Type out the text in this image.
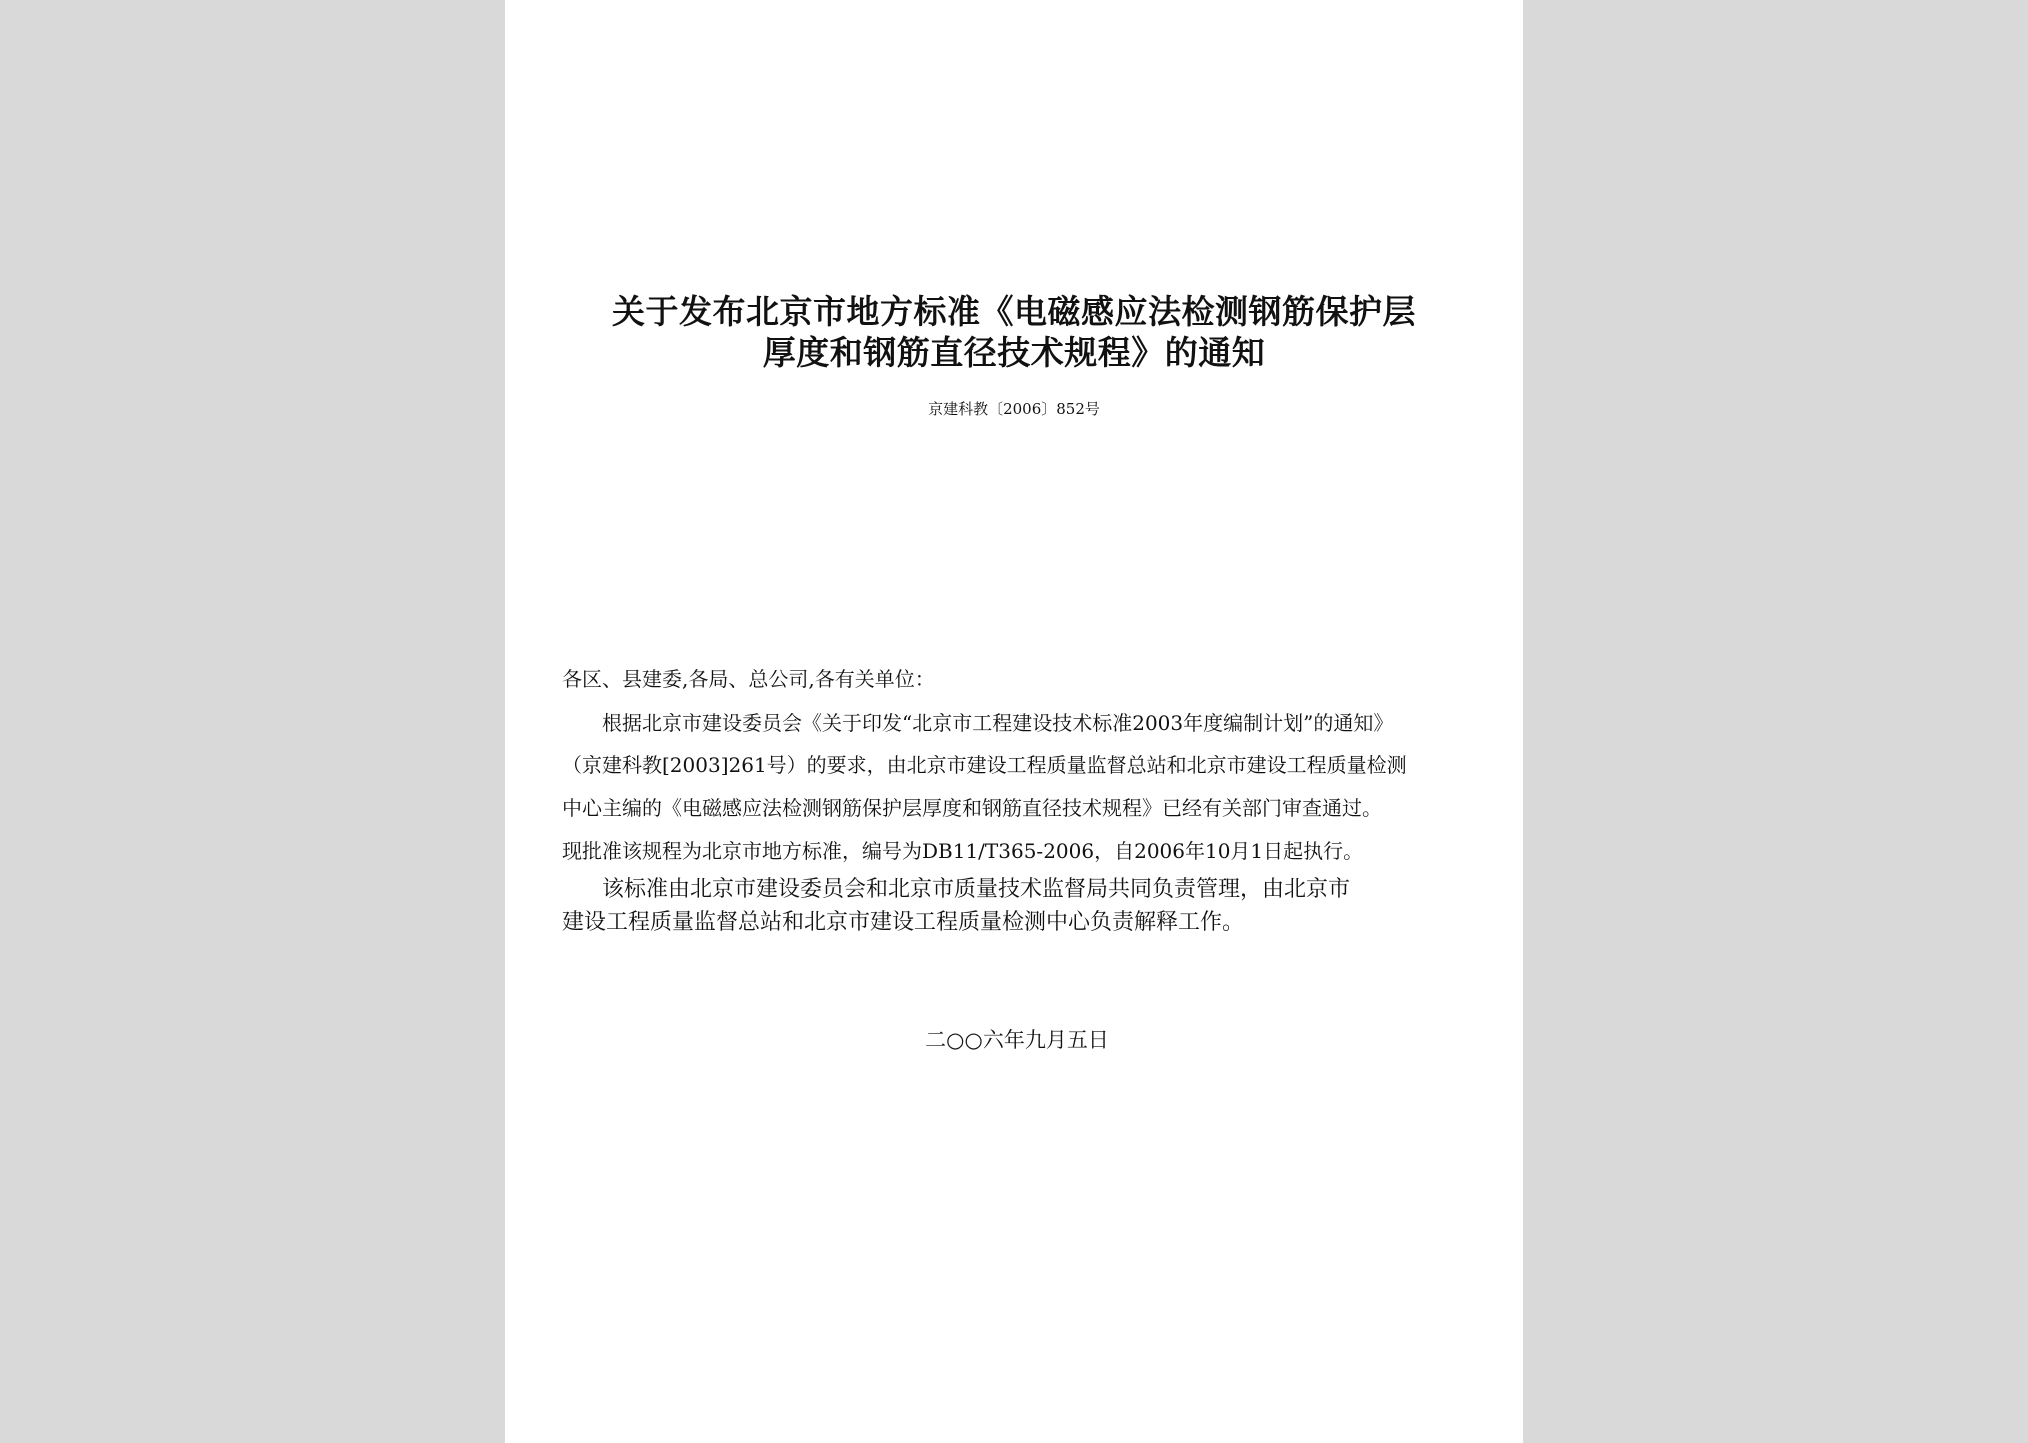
关于发布北京市地方标准《电磁感应法检测钢筋保护层
厚度和钢筋直径技术规程》的通知
京建科教〔2006〕852号
各区、县建委,各局、总公司,各有关单位：
根据北京市建设委员会《关于印发“北京市工程建设技术标准2003年度编制计划”的通知》
（京建科教[2003]261号）的要求，由北京市建设工程质量监督总站和北京市建设工程质量检测
中心主编的《电磁感应法检测钢筋保护层厚度和钢筋直径技术规程》已经有关部门审查通过。
现批准该规程为北京市地方标准，编号为DB11/T365-2006，自2006年10月1日起执行。
该标准由北京市建设委员会和北京市质量技术监督局共同负责管理，由北京市
建设工程质量监督总站和北京市建设工程质量检测中心负责解释工作。
二○○六年九月五日
